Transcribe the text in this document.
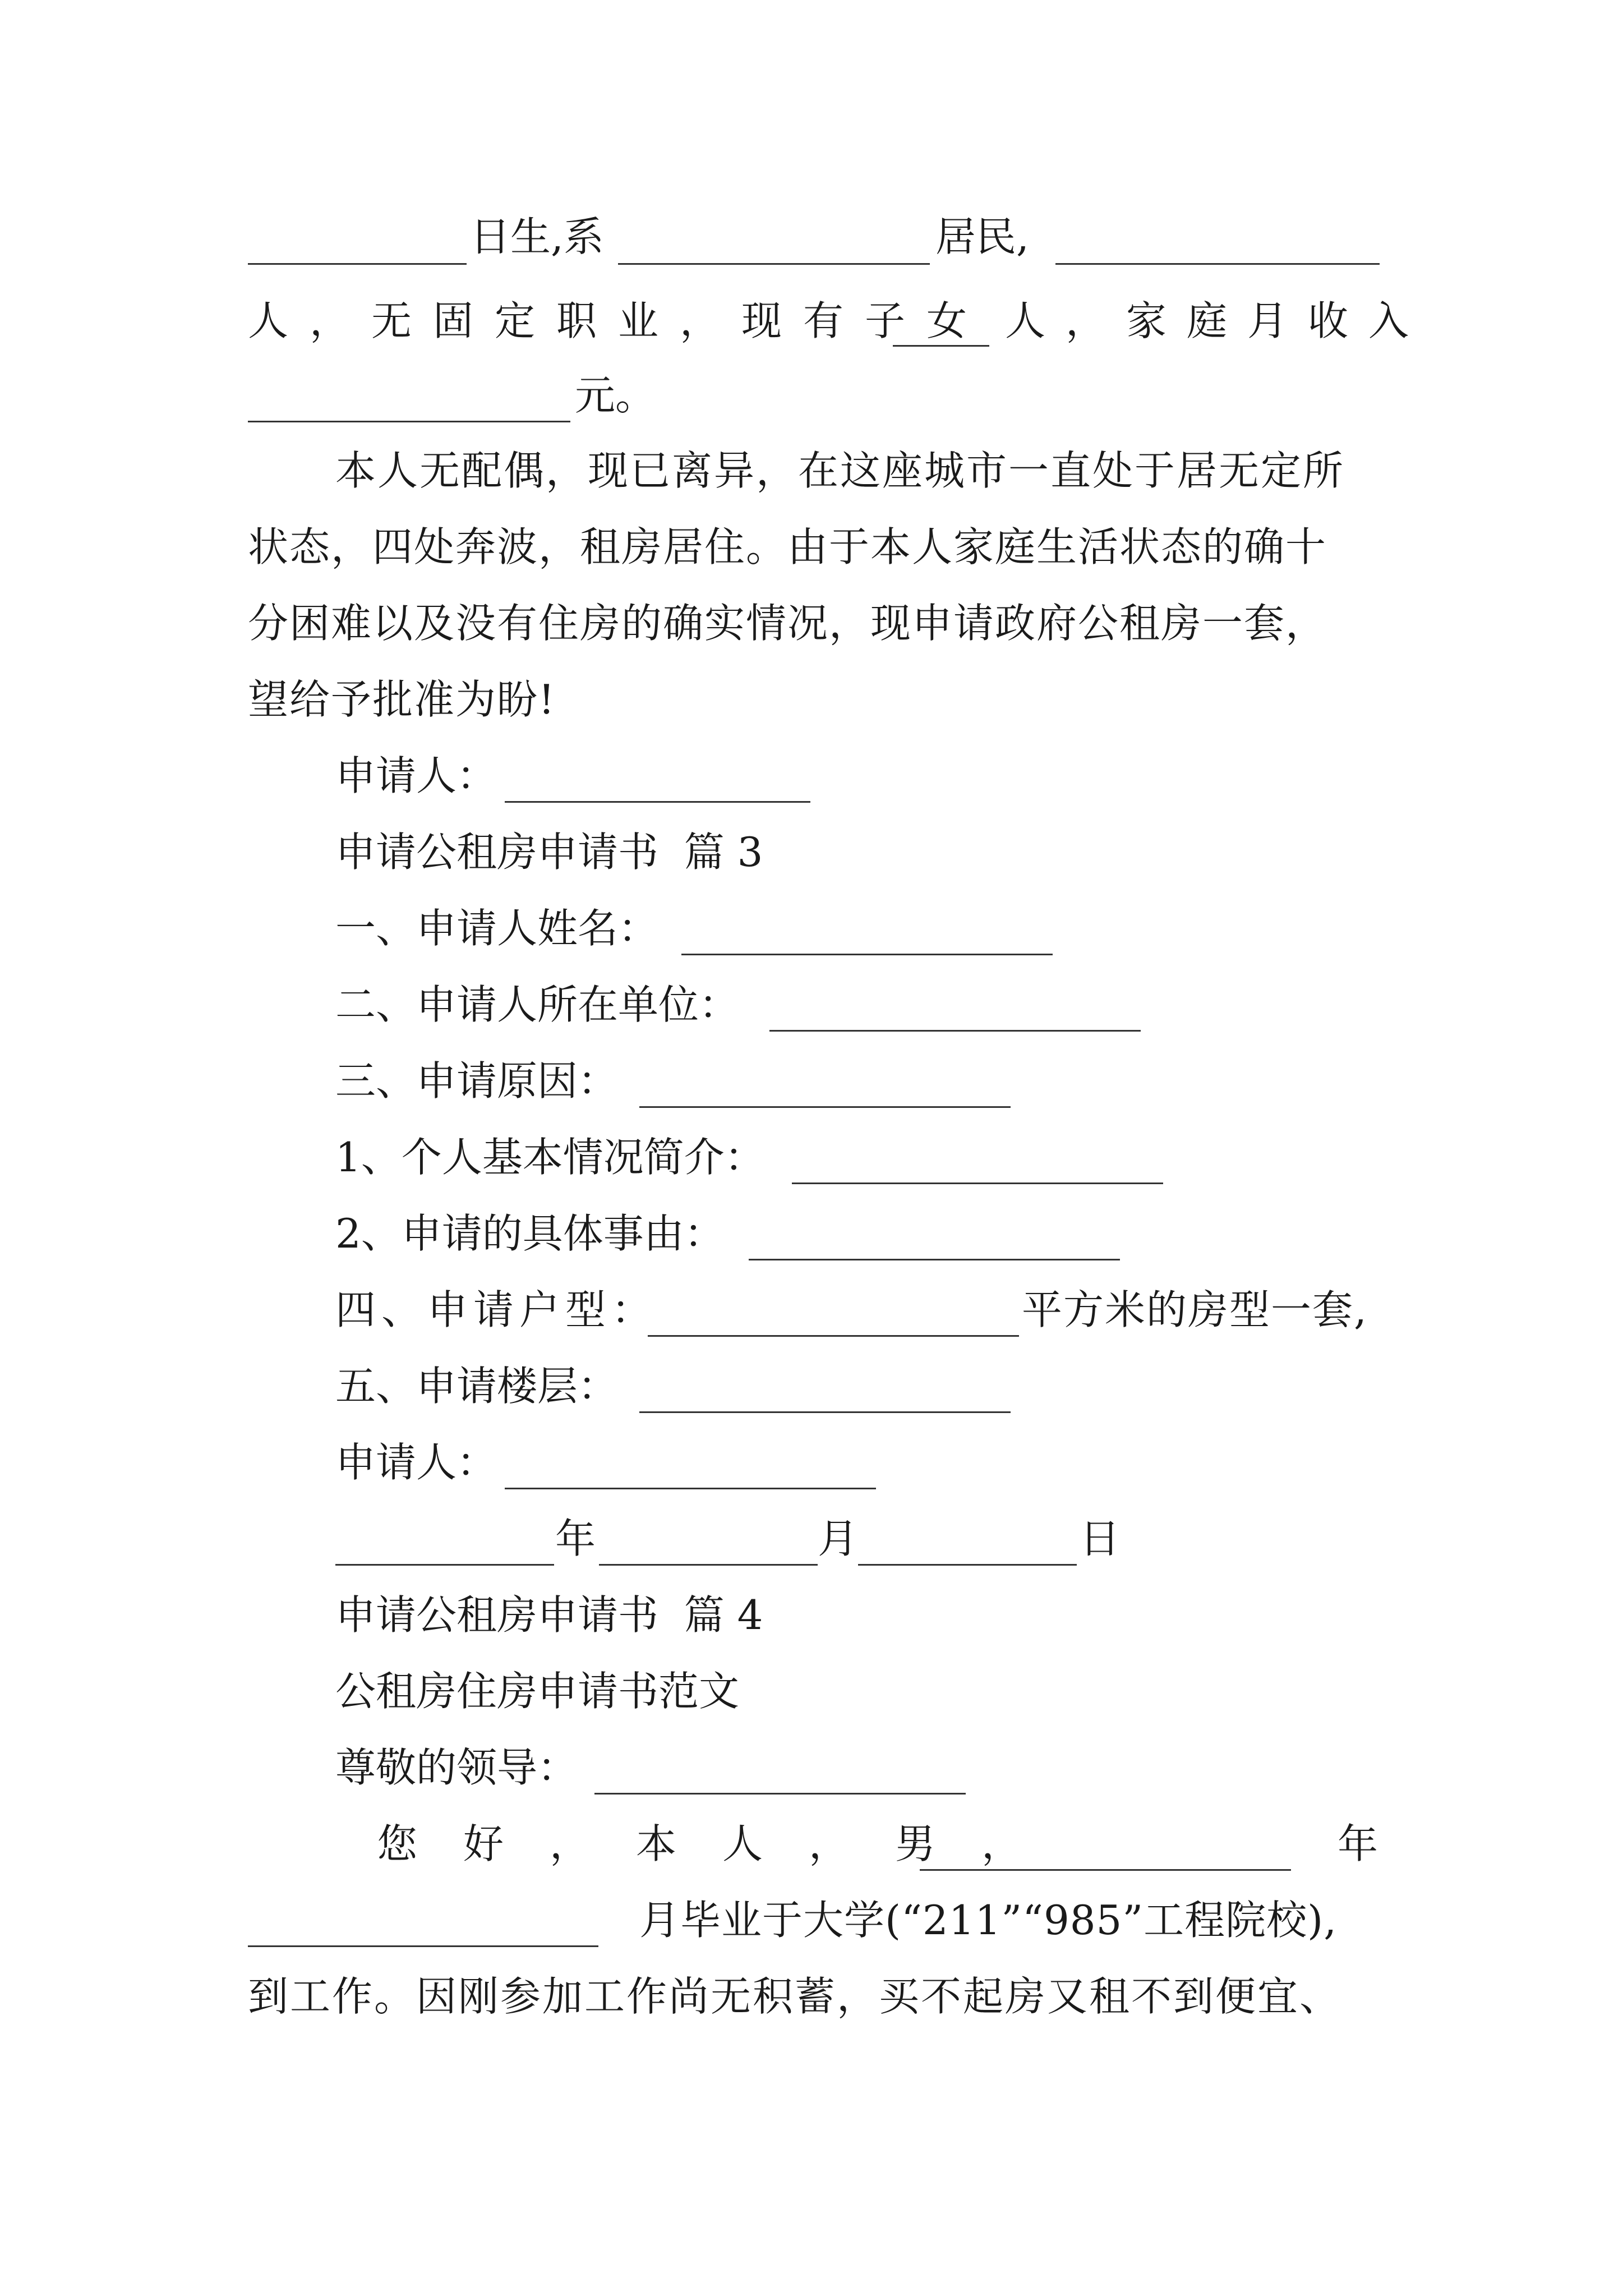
日生,系	居民,
人，无固定职业，现有子女 人，家庭月收入
元。
本人无配偶，现已离异，在这座城市一直处于居无定所
状态，四处奔波，租房居住。由于本人家庭生活状态的确十
分困难以及没有住房的确实情况，现申请政府公租房一套，
望给予批准为盼!
申请人：
申请公租房申请书  篇 3
一、申请人姓名：
二、申请人所在单位：
三、申请原因：
1、个人基本情况简介：
2、申请的具体事由：
四、申请户型：	平方米的房型一套,
五、申请楼层：
申请人：
年	月	日
申请公租房申请书  篇 4
公租房住房申请书范文
尊敬的领导：
您好，本人，男，	年
月毕业于大学(“211”“985”工程院校),
到工作。因刚参加工作尚无积蓄，买不起房又租不到便宜、
